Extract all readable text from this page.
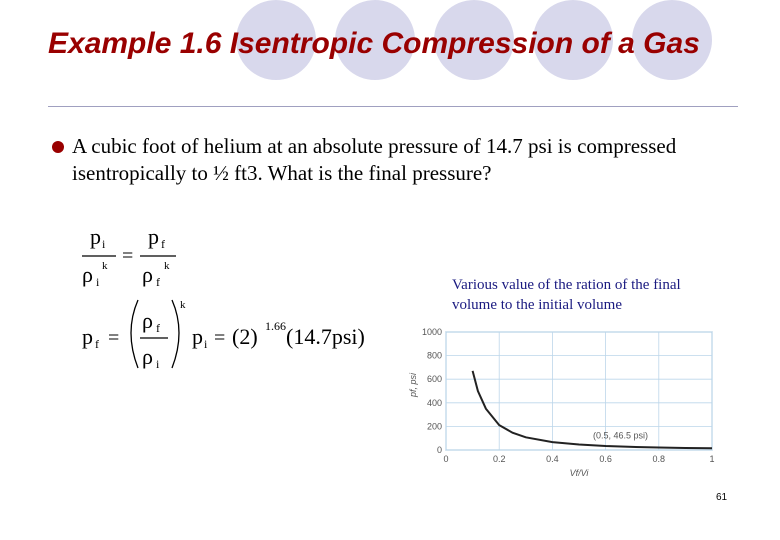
Example 1.6 Isentropic Compression of a Gas
A cubic foot of helium at an absolute pressure of 14.7 psi is compressed isentropically to ½ ft3. What is the final pressure?
p i
ρ k
i
=
p f
ρ k
f
p f =
ρ f
ρ i
k
p i = (2) 1.66 (14.7psi)
Various value of the ration of the final volume to the initial volume
0	0.2	0.4	0.6	0.8	1
0
200
400
600
800
1000
Vf/Vi
pf, psi
(0.5, 46.5 psi)
61
